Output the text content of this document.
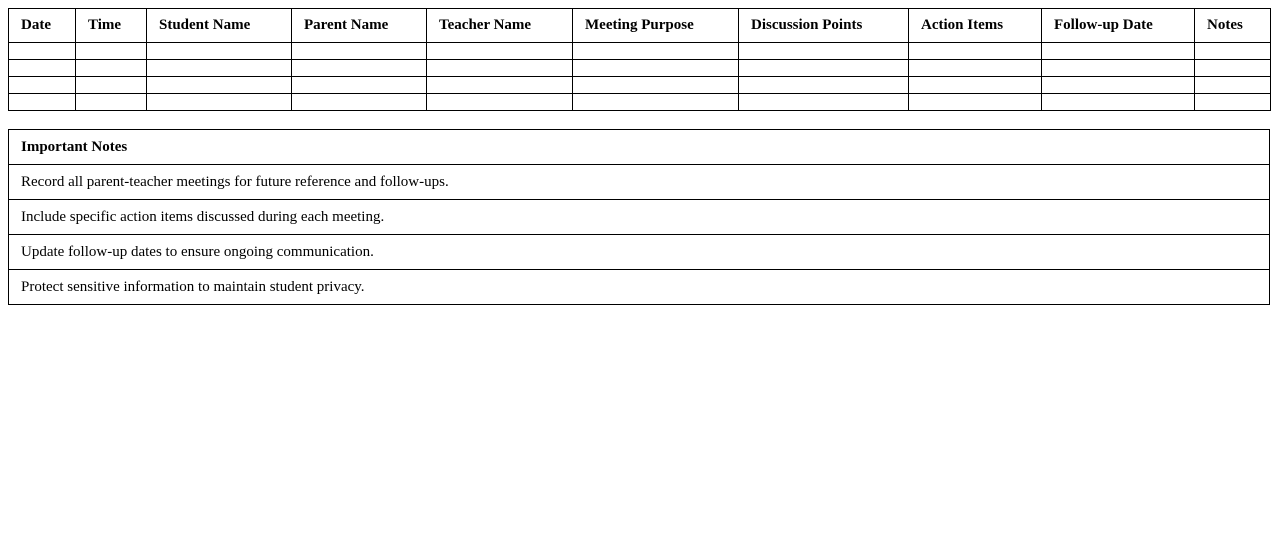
Date	Time	Student Name	Parent Name	Teacher Name	Meeting Purpose	Discussion Points	Action Items	Follow-up Date	Notes

Important Notes
Record all parent-teacher meetings for future reference and follow-ups.
Include specific action items discussed during each meeting.
Update follow-up dates to ensure ongoing communication.
Protect sensitive information to maintain student privacy.
